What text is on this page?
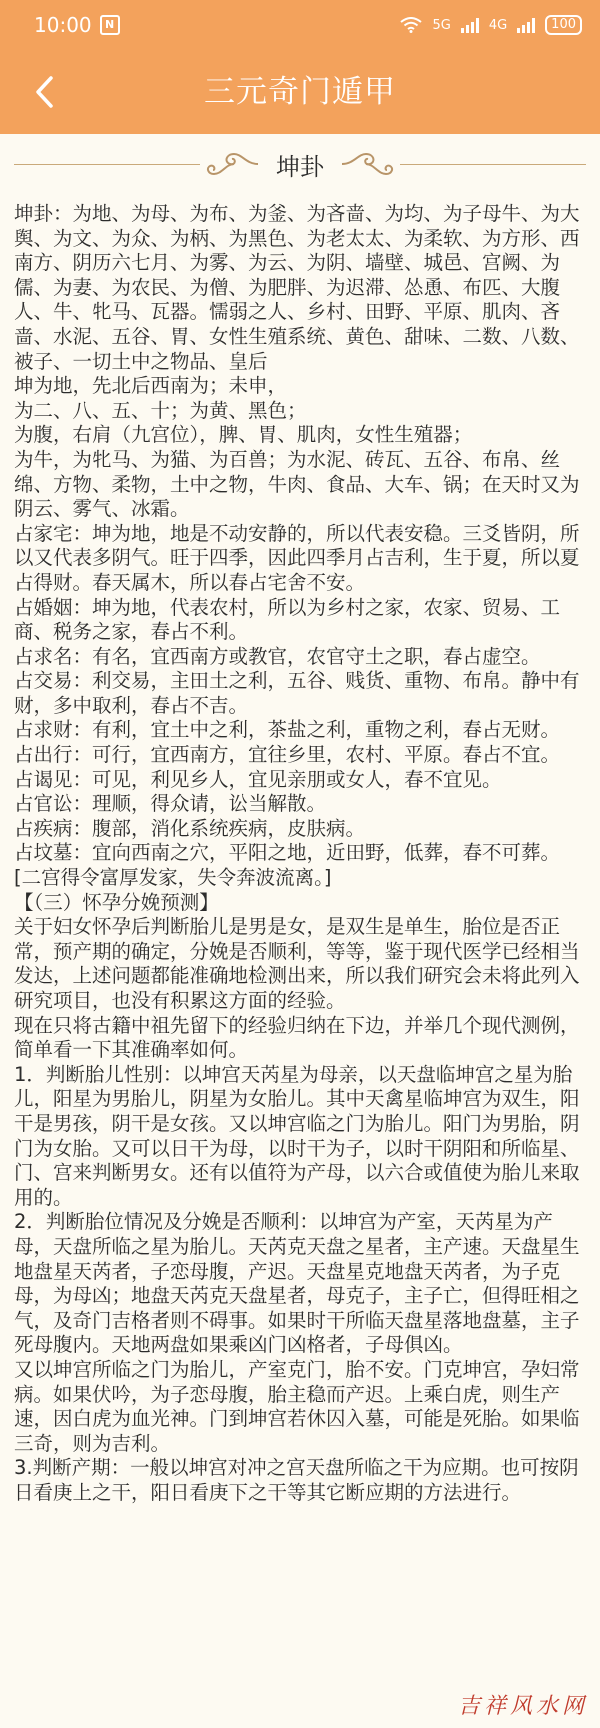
10:00	N	5G	4G	100
三元奇门遁甲
坤卦

坤卦：为地、为母、为布、为釜、为吝啬、为均、为子母牛、为大舆、为文、为众、为柄、为黑色、为老太太、为柔软、为方形、西南方、阴历六七月、为雾、为云、为阴、墙壁、城邑、宫阙、为儒、为妻、为农民、为僧、为肥胖、为迟滞、怂恿、布匹、大腹人、牛、牝马、瓦器。懦弱之人、乡村、田野、平原、肌肉、吝啬、水泥、五谷、胃、女性生殖系统、黄色、甜味、二数、八数、被子、一切土中之物品、皇后

坤为地，先北后西南为；未申，

为二、八、五、十；为黄、黑色；

为腹，右肩（九宫位），脾、胃、肌肉，女性生殖器；

为牛，为牝马、为猫、为百兽；为水泥、砖瓦、五谷、布帛、丝绵、方物、柔物，土中之物，牛肉、食品、大车、锅；在天时又为阴云、雾气、冰霜。

占家宅：坤为地，地是不动安静的，所以代表安稳。三爻皆阴，所以又代表多阴气。旺于四季，因此四季月占吉利，生于夏，所以夏占得财。春天属木，所以春占宅舍不安。

占婚姻：坤为地，代表农村，所以为乡村之家，农家、贸易、工商、税务之家，春占不利。

占求名：有名，宜西南方或教官，农官守土之职，春占虚空。

占交易：利交易，主田土之利，五谷、贱货、重物、布帛。静中有财，多中取利，春占不吉。

占求财：有利，宜土中之利，茶盐之利，重物之利，春占无财。

占出行：可行，宜西南方，宜往乡里，农村、平原。春占不宜。

占谒见：可见，利见乡人，宜见亲朋或女人，春不宜见。

占官讼：理顺，得众请，讼当解散。

占疾病：腹部，消化系统疾病，皮肤病。

占坟墓：宜向西南之穴，平阳之地，近田野，低葬，春不可葬。

[二宫得令富厚发家，失令奔波流离。]

【（三）怀孕分娩预测】

关于妇女怀孕后判断胎儿是男是女，是双生是单生，胎位是否正常，预产期的确定，分娩是否顺利，等等，鉴于现代医学已经相当发达，上述问题都能准确地检测出来，所以我们研究会未将此列入研究项目，也没有积累这方面的经验。

现在只将古籍中祖先留下的经验归纳在下边，并举几个现代测例，简单看一下其准确率如何。

1．判断胎儿性别：以坤宫天芮星为母亲，以天盘临坤宫之星为胎儿，阳星为男胎儿，阴星为女胎儿。其中天禽星临坤宫为双生，阳干是男孩，阴干是女孩。又以坤宫临之门为胎儿。阳门为男胎，阴门为女胎。又可以日干为母，以时干为子，以时干阴阳和所临星、门、宫来判断男女。还有以值符为产母，以六合或值使为胎儿来取用的。

2．判断胎位情况及分娩是否顺利：以坤宫为产室，天芮星为产母，天盘所临之星为胎儿。天芮克天盘之星者，主产速。天盘星生地盘星天芮者，子恋母腹，产迟。天盘星克地盘天芮者，为子克母，为母凶；地盘天芮克天盘星者，母克子，主子亡，但得旺相之气，及奇门吉格者则不碍事。如果时干所临天盘星落地盘墓，主子死母腹内。天地两盘如果乘凶门凶格者，子母俱凶。

又以坤宫所临之门为胎儿，产室克门，胎不安。门克坤宫，孕妇常病。如果伏吟，为子恋母腹，胎主稳而产迟。上乘白虎，则生产速，因白虎为血光神。门到坤宫若休囚入墓，可能是死胎。如果临三奇，则为吉利。

3.判断产期：一般以坤宫对冲之宫天盘所临之干为应期。也可按阴日看庚上之干，阳日看庚下之干等其它断应期的方法进行。

吉祥风水网
